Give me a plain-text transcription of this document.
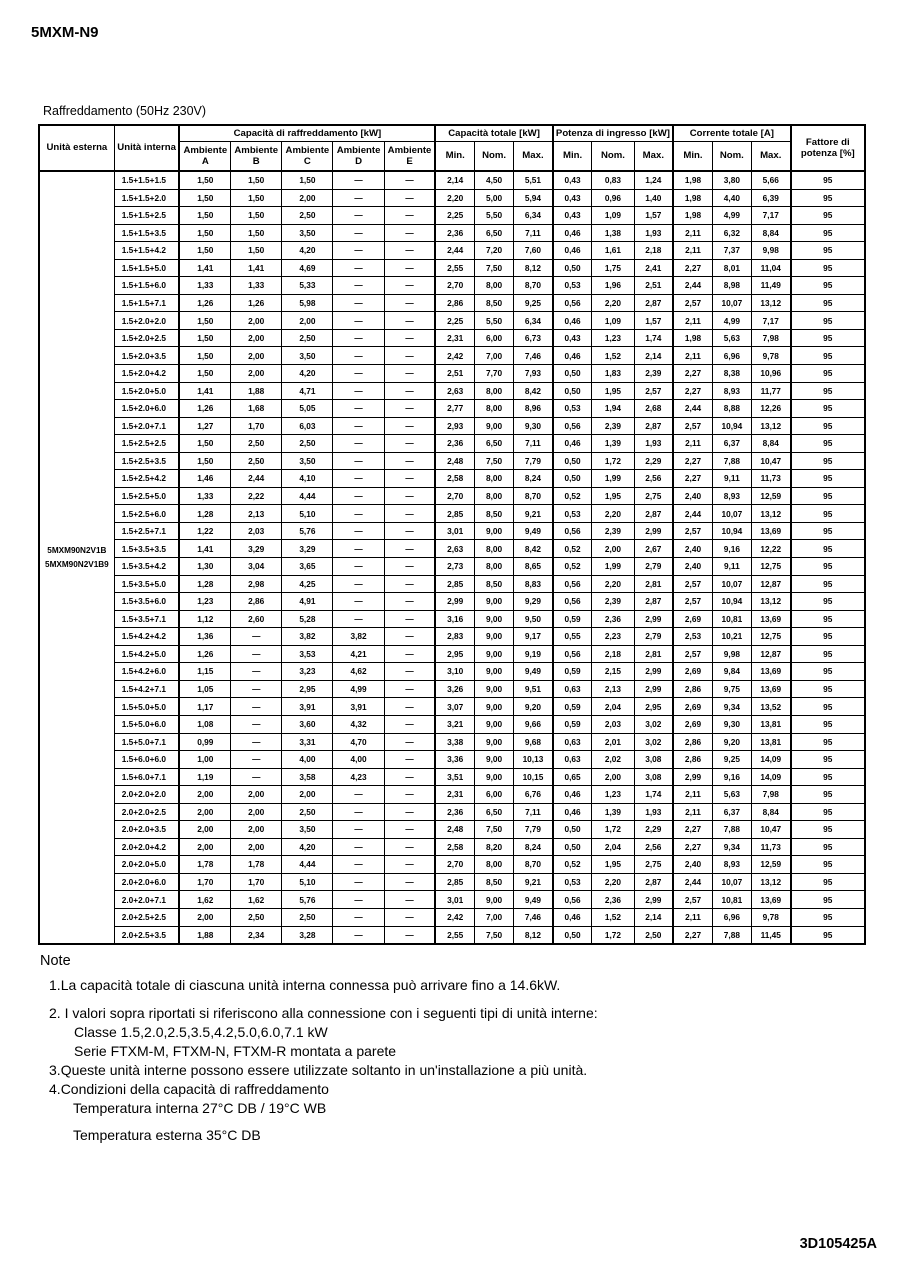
5MXM-N9
Raffreddamento (50Hz 230V)
Unità esterna	Unità interna	Capacità di raffreddamento [kW]					Capacità totale [kW]			Potenza di ingresso [kW]			Corrente totale [A]			Fattore di potenza [%]
		Ambiente A	Ambiente B	Ambiente C	Ambiente D	Ambiente E	Min.	Nom.	Max.	Min.	Nom.	Max.	Min.	Nom.	Max.	

5MXM90N2V1B
5MXM90N2V1B9	1.5+1.5+1.5	1,50	1,50	1,50	—	—	2,14	4,50	5,51	0,43	0,83	1,24	1,98	3,80	5,66	95
	1.5+1.5+2.0	1,50	1,50	2,00	—	—	2,20	5,00	5,94	0,43	0,96	1,40	1,98	4,40	6,39	95
	1.5+1.5+2.5	1,50	1,50	2,50	—	—	2,25	5,50	6,34	0,43	1,09	1,57	1,98	4,99	7,17	95
	1.5+1.5+3.5	1,50	1,50	3,50	—	—	2,36	6,50	7,11	0,46	1,38	1,93	2,11	6,32	8,84	95
	1.5+1.5+4.2	1,50	1,50	4,20	—	—	2,44	7,20	7,60	0,46	1,61	2,18	2,11	7,37	9,98	95
	1.5+1.5+5.0	1,41	1,41	4,69	—	—	2,55	7,50	8,12	0,50	1,75	2,41	2,27	8,01	11,04	95
	1.5+1.5+6.0	1,33	1,33	5,33	—	—	2,70	8,00	8,70	0,53	1,96	2,51	2,44	8,98	11,49	95
	1.5+1.5+7.1	1,26	1,26	5,98	—	—	2,86	8,50	9,25	0,56	2,20	2,87	2,57	10,07	13,12	95
	1.5+2.0+2.0	1,50	2,00	2,00	—	—	2,25	5,50	6,34	0,46	1,09	1,57	2,11	4,99	7,17	95
	1.5+2.0+2.5	1,50	2,00	2,50	—	—	2,31	6,00	6,73	0,43	1,23	1,74	1,98	5,63	7,98	95
	1.5+2.0+3.5	1,50	2,00	3,50	—	—	2,42	7,00	7,46	0,46	1,52	2,14	2,11	6,96	9,78	95
	1.5+2.0+4.2	1,50	2,00	4,20	—	—	2,51	7,70	7,93	0,50	1,83	2,39	2,27	8,38	10,96	95
	1.5+2.0+5.0	1,41	1,88	4,71	—	—	2,63	8,00	8,42	0,50	1,95	2,57	2,27	8,93	11,77	95
	1.5+2.0+6.0	1,26	1,68	5,05	—	—	2,77	8,00	8,96	0,53	1,94	2,68	2,44	8,88	12,26	95
	1.5+2.0+7.1	1,27	1,70	6,03	—	—	2,93	9,00	9,30	0,56	2,39	2,87	2,57	10,94	13,12	95
	1.5+2.5+2.5	1,50	2,50	2,50	—	—	2,36	6,50	7,11	0,46	1,39	1,93	2,11	6,37	8,84	95
	1.5+2.5+3.5	1,50	2,50	3,50	—	—	2,48	7,50	7,79	0,50	1,72	2,29	2,27	7,88	10,47	95
	1.5+2.5+4.2	1,46	2,44	4,10	—	—	2,58	8,00	8,24	0,50	1,99	2,56	2,27	9,11	11,73	95
	1.5+2.5+5.0	1,33	2,22	4,44	—	—	2,70	8,00	8,70	0,52	1,95	2,75	2,40	8,93	12,59	95
	1.5+2.5+6.0	1,28	2,13	5,10	—	—	2,85	8,50	9,21	0,53	2,20	2,87	2,44	10,07	13,12	95
	1.5+2.5+7.1	1,22	2,03	5,76	—	—	3,01	9,00	9,49	0,56	2,39	2,99	2,57	10,94	13,69	95
	1.5+3.5+3.5	1,41	3,29	3,29	—	—	2,63	8,00	8,42	0,52	2,00	2,67	2,40	9,16	12,22	95
	1.5+3.5+4.2	1,30	3,04	3,65	—	—	2,73	8,00	8,65	0,52	1,99	2,79	2,40	9,11	12,75	95
	1.5+3.5+5.0	1,28	2,98	4,25	—	—	2,85	8,50	8,83	0,56	2,20	2,81	2,57	10,07	12,87	95
	1.5+3.5+6.0	1,23	2,86	4,91	—	—	2,99	9,00	9,29	0,56	2,39	2,87	2,57	10,94	13,12	95
	1.5+3.5+7.1	1,12	2,60	5,28	—	—	3,16	9,00	9,50	0,59	2,36	2,99	2,69	10,81	13,69	95
	1.5+4.2+4.2	1,36	—	3,82	3,82	—	2,83	9,00	9,17	0,55	2,23	2,79	2,53	10,21	12,75	95
	1.5+4.2+5.0	1,26	—	3,53	4,21	—	2,95	9,00	9,19	0,56	2,18	2,81	2,57	9,98	12,87	95
	1.5+4.2+6.0	1,15	—	3,23	4,62	—	3,10	9,00	9,49	0,59	2,15	2,99	2,69	9,84	13,69	95
	1.5+4.2+7.1	1,05	—	2,95	4,99	—	3,26	9,00	9,51	0,63	2,13	2,99	2,86	9,75	13,69	95
	1.5+5.0+5.0	1,17	—	3,91	3,91	—	3,07	9,00	9,20	0,59	2,04	2,95	2,69	9,34	13,52	95
	1.5+5.0+6.0	1,08	—	3,60	4,32	—	3,21	9,00	9,66	0,59	2,03	3,02	2,69	9,30	13,81	95
	1.5+5.0+7.1	0,99	—	3,31	4,70	—	3,38	9,00	9,68	0,63	2,01	3,02	2,86	9,20	13,81	95
	1.5+6.0+6.0	1,00	—	4,00	4,00	—	3,36	9,00	10,13	0,63	2,02	3,08	2,86	9,25	14,09	95
	1.5+6.0+7.1	1,19	—	3,58	4,23	—	3,51	9,00	10,15	0,65	2,00	3,08	2,99	9,16	14,09	95
	2.0+2.0+2.0	2,00	2,00	2,00	—	—	2,31	6,00	6,76	0,46	1,23	1,74	2,11	5,63	7,98	95
	2.0+2.0+2.5	2,00	2,00	2,50	—	—	2,36	6,50	7,11	0,46	1,39	1,93	2,11	6,37	8,84	95
	2.0+2.0+3.5	2,00	2,00	3,50	—	—	2,48	7,50	7,79	0,50	1,72	2,29	2,27	7,88	10,47	95
	2.0+2.0+4.2	2,00	2,00	4,20	—	—	2,58	8,20	8,24	0,50	2,04	2,56	2,27	9,34	11,73	95
	2.0+2.0+5.0	1,78	1,78	4,44	—	—	2,70	8,00	8,70	0,52	1,95	2,75	2,40	8,93	12,59	95
	2.0+2.0+6.0	1,70	1,70	5,10	—	—	2,85	8,50	9,21	0,53	2,20	2,87	2,44	10,07	13,12	95
	2.0+2.0+7.1	1,62	1,62	5,76	—	—	3,01	9,00	9,49	0,56	2,36	2,99	2,57	10,81	13,69	95
	2.0+2.5+2.5	2,00	2,50	2,50	—	—	2,42	7,00	7,46	0,46	1,52	2,14	2,11	6,96	9,78	95
	2.0+2.5+3.5	1,88	2,34	3,28	—	—	2,55	7,50	8,12	0,50	1,72	2,50	2,27	7,88	11,45	95
Note
1.La capacità totale di ciascuna unità interna connessa può arrivare fino a 14.6kW.
2. I valori sopra riportati si riferiscono alla connessione con i seguenti tipi di unità interne:
Classe 1.5,2.0,2.5,3.5,4.2,5.0,6.0,7.1 kW
Serie FTXM-M, FTXM-N, FTXM-R montata a parete
3.Queste unità interne possono essere utilizzate soltanto in un'installazione a più unità.
4.Condizioni della capacità di raffreddamento
Temperatura interna 27°C DB / 19°C WB
Temperatura esterna 35°C DB
3D105425A
